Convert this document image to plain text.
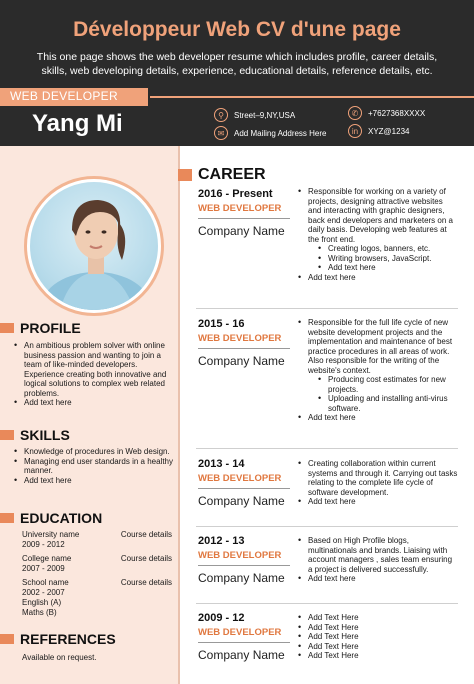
Développeur Web CV d'une page
This one page shows the web developer resume which includes profile, career details, skills, web developing details, experience, educational details, reference details, etc.
WEB DEVELOPER
Yang Mi	⚲	Street–9,NY,USA	✆	+7627368XXXX
✉	Add Mailing Address Here	in	XYZ@1234
PROFILE
• An ambitious problem solver with online business passion and wanting to join a team of like-minded developers. Experience creating both innovative and logical solutions to complex web related problems.
• Add text here
SKILLS
• Knowledge of procedures in Web design.
• Managing end user standards in a healthy manner.
• Add text here
EDUCATION
University name
2009 - 2012
Course details
College name
2007 - 2009
Course details
School name
2002 - 2007
Course details
English (A)
Maths (B)
REFERENCES
Available on request.
CAREER
2016 - Present
WEB DEVELOPER
Company Name
• Responsible for working on a variety of projects, designing attractive websites and interacting with graphic designers, back end developers and marketers on a daily basis. Developing web features at the front end.
• Creating logos, banners, etc.
• Writing browsers, JavaScript.
• Add text here
• Add text here
2015 - 16
WEB DEVELOPER
Company Name
• Responsible for the full life cycle of new website development projects and the implementation and maintenance of best practice procedures in all areas of work. Also responsible for the writing of the website's context.
• Producing cost estimates for new projects.
• Uploading and installing anti-virus software.
• Add text here
2013 - 14
WEB DEVELOPER
Company Name
• Creating collaboration within current systems and through it. Carrying out tasks relating to the complete life cycle of software development.
• Add text here
2012 - 13
WEB DEVELOPER
Company Name
• Based on High Profile blogs, multinationals and brands. Liaising with account managers , sales team ensuring a project is delivered successfully.
• Add text here
2009 - 12
WEB DEVELOPER
Company Name
• Add Text Here
• Add Text Here
• Add Text Here
• Add Text Here
• Add Text Here
